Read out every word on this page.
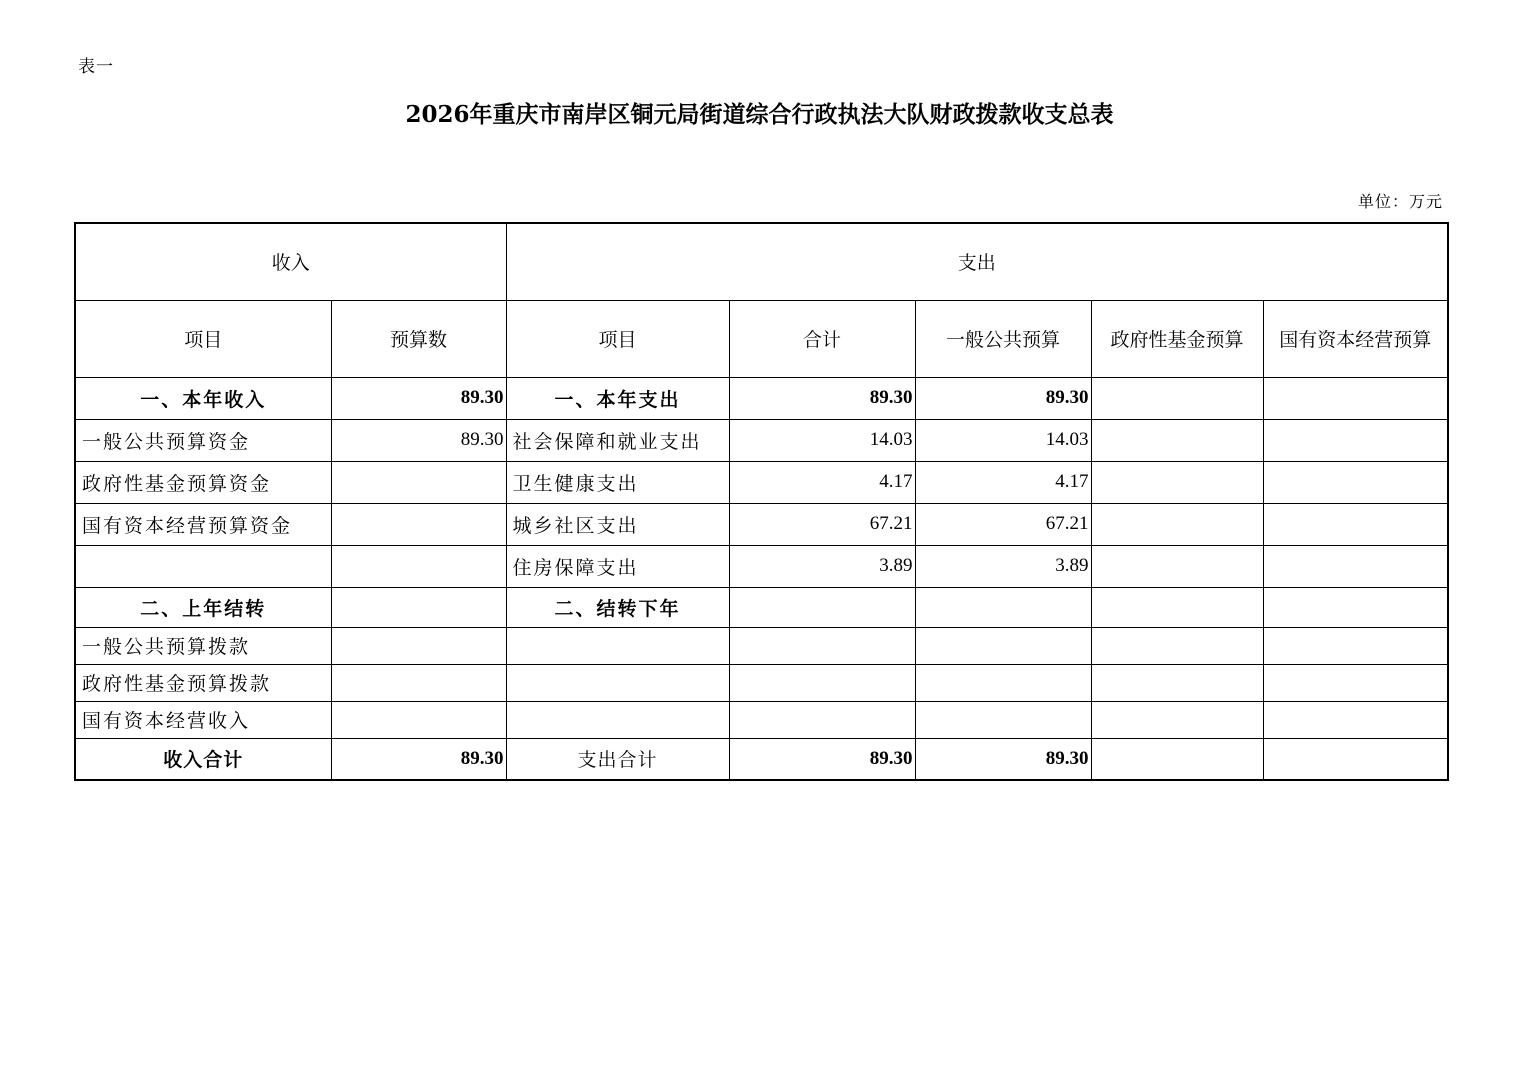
表一
2026年重庆市南岸区铜元局街道综合行政执法大队财政拨款收支总表
单位：万元
收入		支出				
项目	预算数	项目	合计	一般公共预算	政府性基金预算	国有资本经营预算
一、本年收入	89.30	一、本年支出	89.30	89.30		
一般公共预算资金	89.30	社会保障和就业支出	14.03	14.03		
政府性基金预算资金		卫生健康支出	4.17	4.17		
国有资本经营预算资金		城乡社区支出	67.21	67.21		
		住房保障支出	3.89	3.89		
二、上年结转		二、结转下年				
一般公共预算拨款						
政府性基金预算拨款						
国有资本经营收入						
收入合计	89.30	支出合计	89.30	89.30		
